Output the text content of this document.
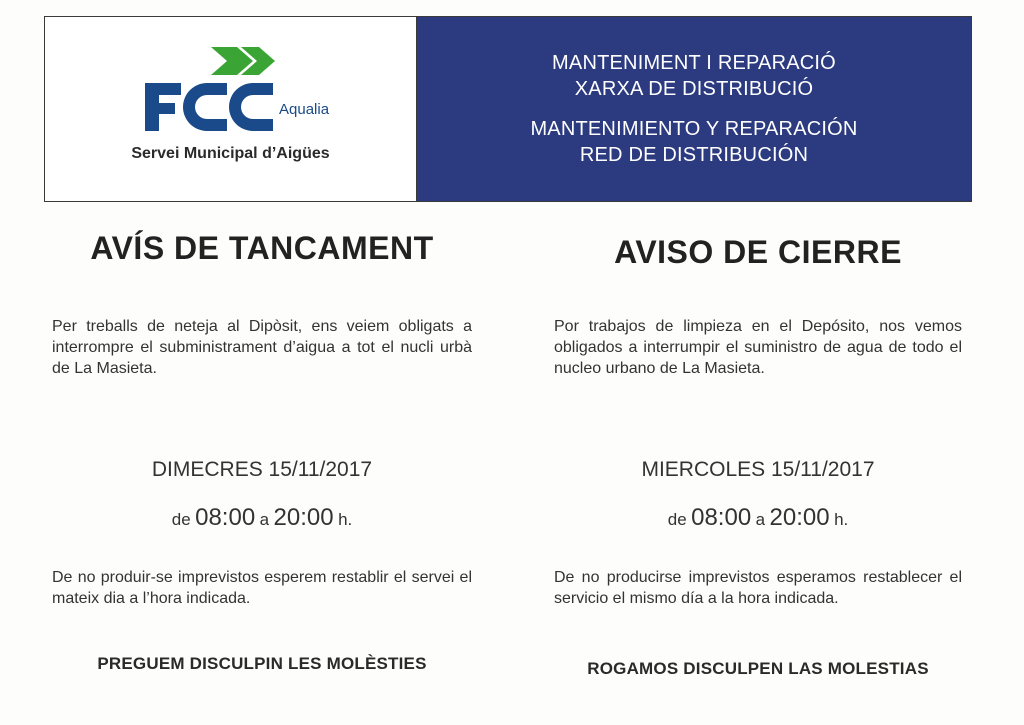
FCC
Aqualia
Servei Municipal d’Aigües
MANTENIMENT I REPARACIÓ
XARXA DE DISTRIBUCIÓ
MANTENIMIENTO Y REPARACIÓN
RED DE DISTRIBUCIÓN
AVÍS DE TANCAMENT
Per treballs de neteja al Dipòsit, ens veiem obligats a interrompre el subministrament d’aigua a tot el nucli urbà de La Masieta.
DIMECRES 15/11/2017
de 08:00 a 20:00 h.
De no produir-se imprevistos esperem restablir el servei el mateix dia a l’hora indicada.
PREGUEM DISCULPIN LES MOLÈSTIES
AVISO DE CIERRE
Por trabajos de limpieza en el Depósito, nos vemos obligados a interrumpir el suministro de agua de todo el nucleo urbano de La Masieta.
MIERCOLES 15/11/2017
de 08:00 a 20:00 h.
De no producirse imprevistos esperamos restablecer el servicio el mismo día a la hora indicada.
ROGAMOS DISCULPEN LAS MOLESTIAS
